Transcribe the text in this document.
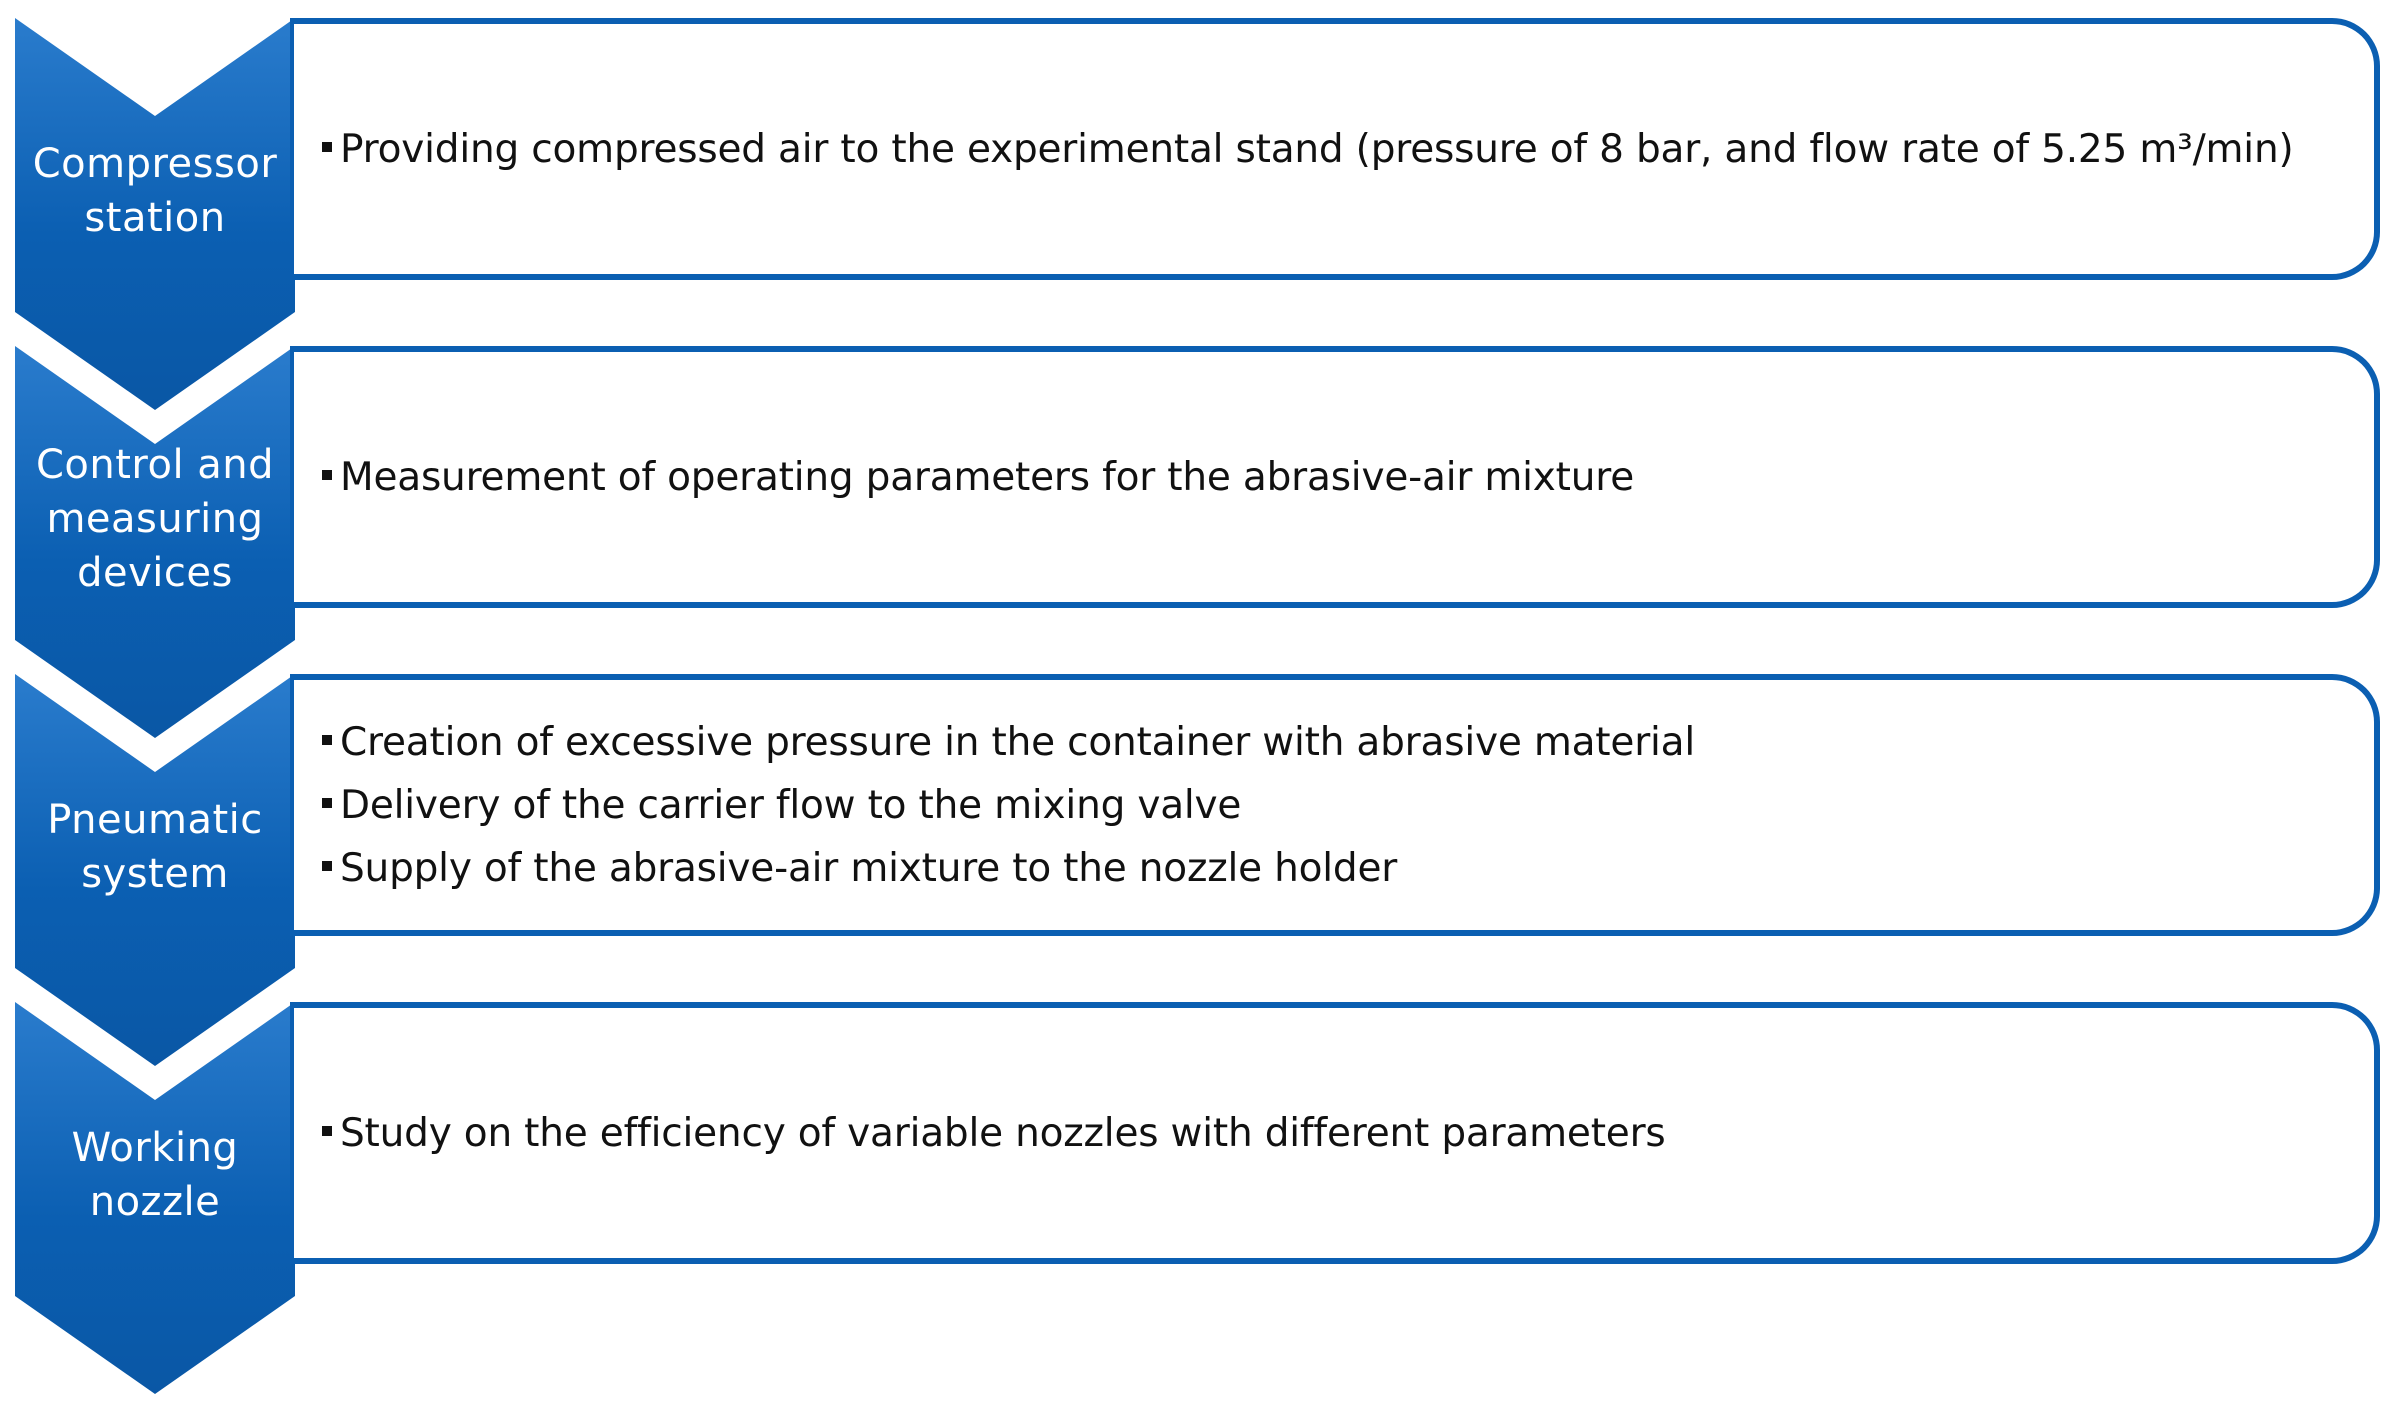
Compressor
station
Providing compressed air to the experimental stand (pressure of 8 bar, and flow rate of 5.25 m³/min)
Control and
measuring
devices
Measurement of operating parameters for the abrasive-air mixture
Pneumatic
system
Creation of excessive pressure in the container with abrasive material
Delivery of the carrier flow to the mixing valve
Supply of the abrasive-air mixture to the nozzle holder
Working
nozzle
Study on the efficiency of variable nozzles with different parameters
